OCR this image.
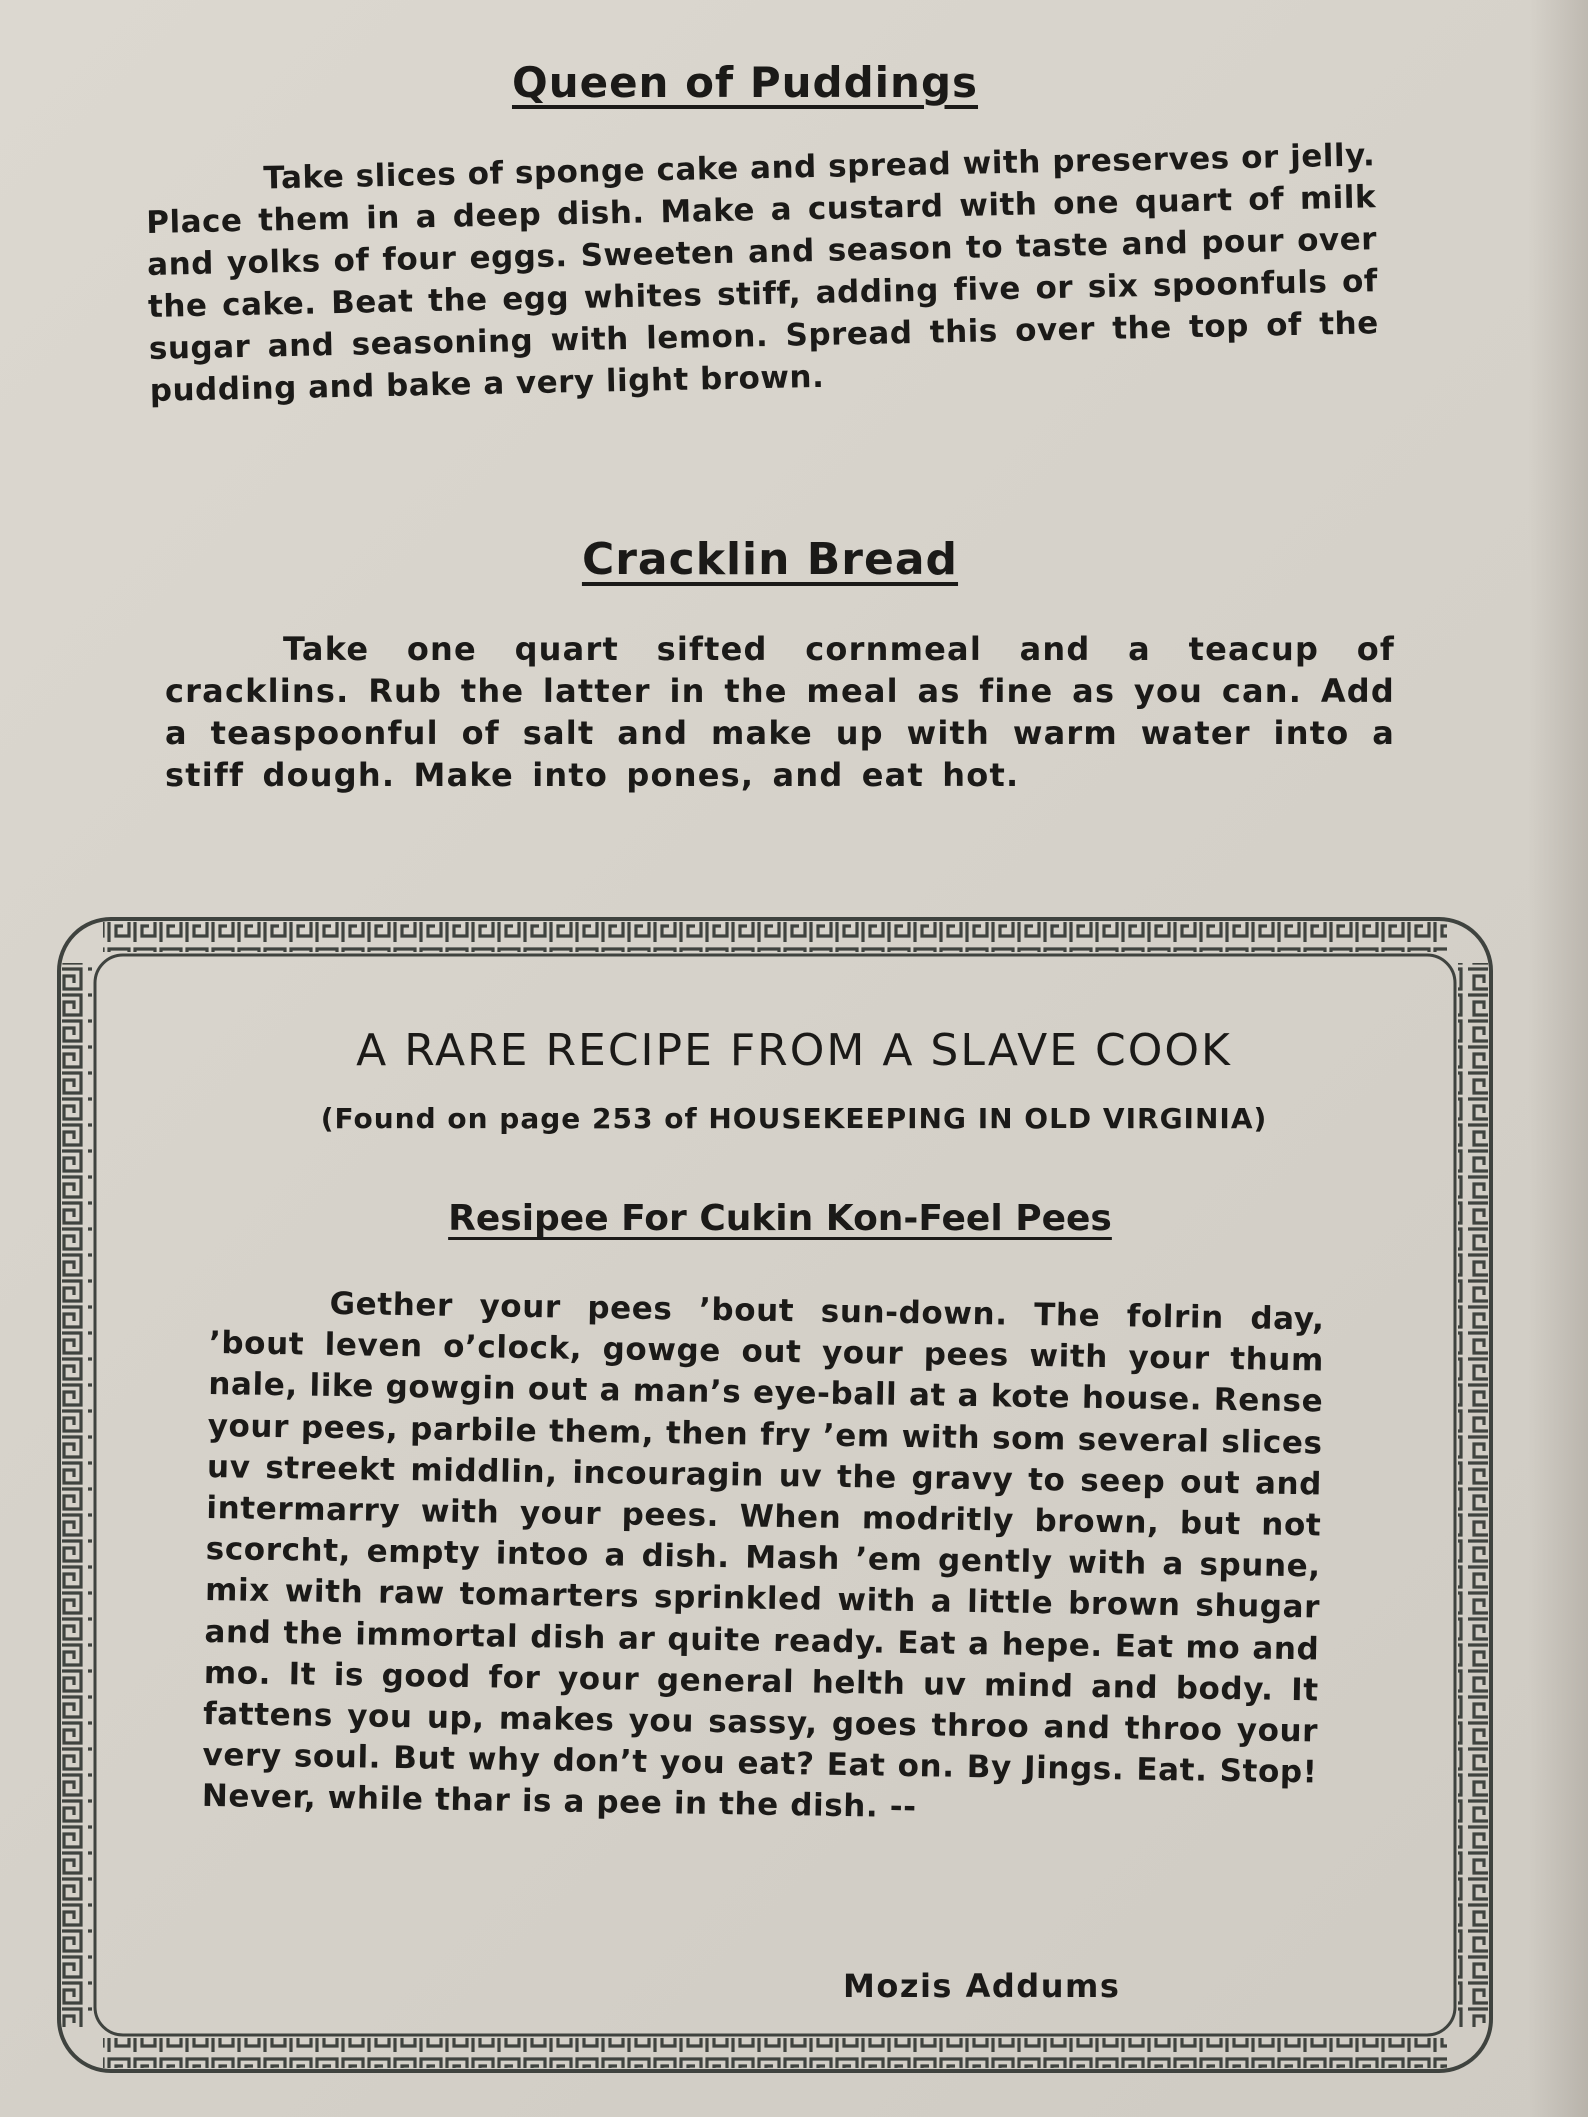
Queen of Puddings
Take slices of sponge cake and spread with preserves or jelly. Place them in a deep dish. Make a custard with one quart of milk and yolks of four eggs. Sweeten and season to taste and pour over the cake. Beat the egg whites stiff, adding five or six spoonfuls of sugar and seasoning with lemon. Spread this over the top of the pudding and bake a very light brown.
Cracklin Bread
Take one quart sifted cornmeal and a teacup of cracklins. Rub the latter in the meal as fine as you can. Add a teaspoonful of salt and make up with warm water into a stiff dough. Make into pones, and eat hot.
A RARE RECIPE FROM A SLAVE COOK
(Found on page 253 of HOUSEKEEPING IN OLD VIRGINIA)
Resipee For Cukin Kon-Feel Pees
Gether your pees ’bout sun-down. The folrin day, ’bout leven o’clock, gowge out your pees with your thum nale, like gowgin out a man’s eye-ball at a kote house. Rense your pees, parbile them, then fry ’em with som several slices uv streekt middlin, incouragin uv the gravy to seep out and intermarry with your pees. When modritly brown, but not scorcht, empty intoo a dish. Mash ’em gently with a spune, mix with raw tomarters sprinkled with a little brown shugar and the immortal dish ar quite ready. Eat a hepe. Eat mo and mo. It is good for your general helth uv mind and body. It fattens you up, makes you sassy, goes throo and throo your very soul. But why don’t you eat? Eat on. By Jings. Eat. Stop! Never, while thar is a pee in the dish. --
Mozis Addums
